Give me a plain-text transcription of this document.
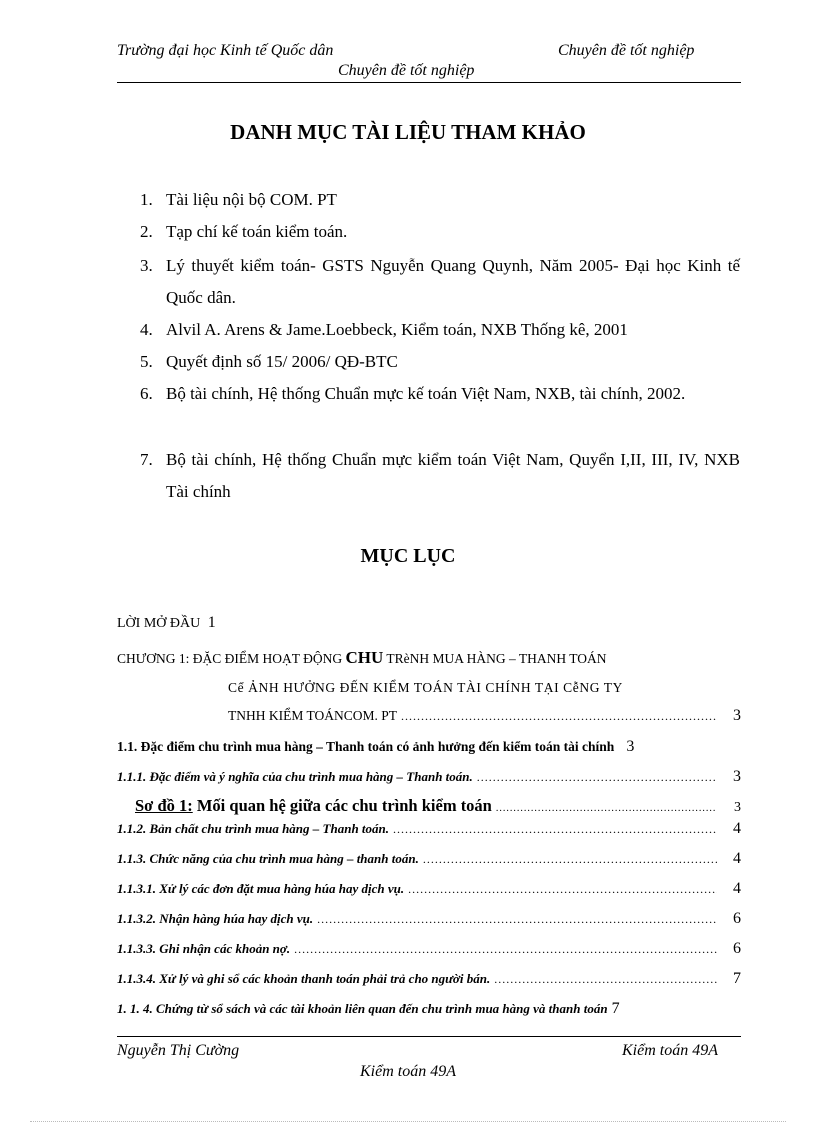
Trường đại học Kinh tế Quốc dân	Chuyên đề tốt nghiệp
Chuyên đề tốt nghiệp
DANH MỤC TÀI LIỆU THAM KHẢO
1. Tài liệu nội bộ COM. PT
2. Tạp chí kế toán kiểm toán.
3. Lý thuyết kiểm toán- GSTS Nguyễn Quang Quynh, Năm 2005- Đại học Kinh tế Quốc dân.
4. Alvil A. Arens & Jame.Loebbeck, Kiểm toán, NXB Thống kê, 2001
5. Quyết định số 15/ 2006/ QĐ-BTC
6. Bộ tài chính, Hệ thống Chuẩn mực kế toán Việt Nam, NXB, tài chính, 2002.
7. Bộ tài chính, Hệ thống Chuẩn mực kiểm toán Việt Nam, Quyển I,II, III, IV, NXB Tài chính
MỤC LỤC
LỜI MỞ ĐẦU 1
CHƯƠNG 1: ĐẶC ĐIỂM HOẠT ĐỘNG CHU TRèNH MUA HÀNG – THANH TOÁN
Cể ẢNH HƯỞNG ĐẾN KIỂM TOÁN TÀI CHÍNH TẠI CễNG TY
TNHH KIỂM TOÁNCOM. PT .....	3
1.1. Đặc điểm chu trình mua hàng – Thanh toán có ảnh hưởng đến kiểm toán tài chính 3
1.1.1. Đặc điểm và ý nghĩa của chu trình mua hàng – Thanh toán. .....	3
Sơ đồ 1: Mối quan hệ giữa các chu trình kiểm toán .....	3
1.1.2. Bản chất chu trình mua hàng – Thanh toán. .....	4
1.1.3. Chức năng của chu trình mua hàng – thanh toán. .....	4
1.1.3.1. Xử lý các đơn đặt mua hàng húa hay dịch vụ. .....	4
1.1.3.2. Nhận hàng húa hay dịch vụ. .....	6
1.1.3.3. Ghi nhận các khoản nợ. .....	6
1.1.3.4. Xử lý và ghi sổ các khoản thanh toán phải trả cho người bán. .....	7
1. 1. 4. Chứng từ sổ sách và các tài khoản liên quan đến chu trình mua hàng và thanh toán 7
Nguyễn Thị Cường	Kiểm toán 49A
Kiểm toán 49A
